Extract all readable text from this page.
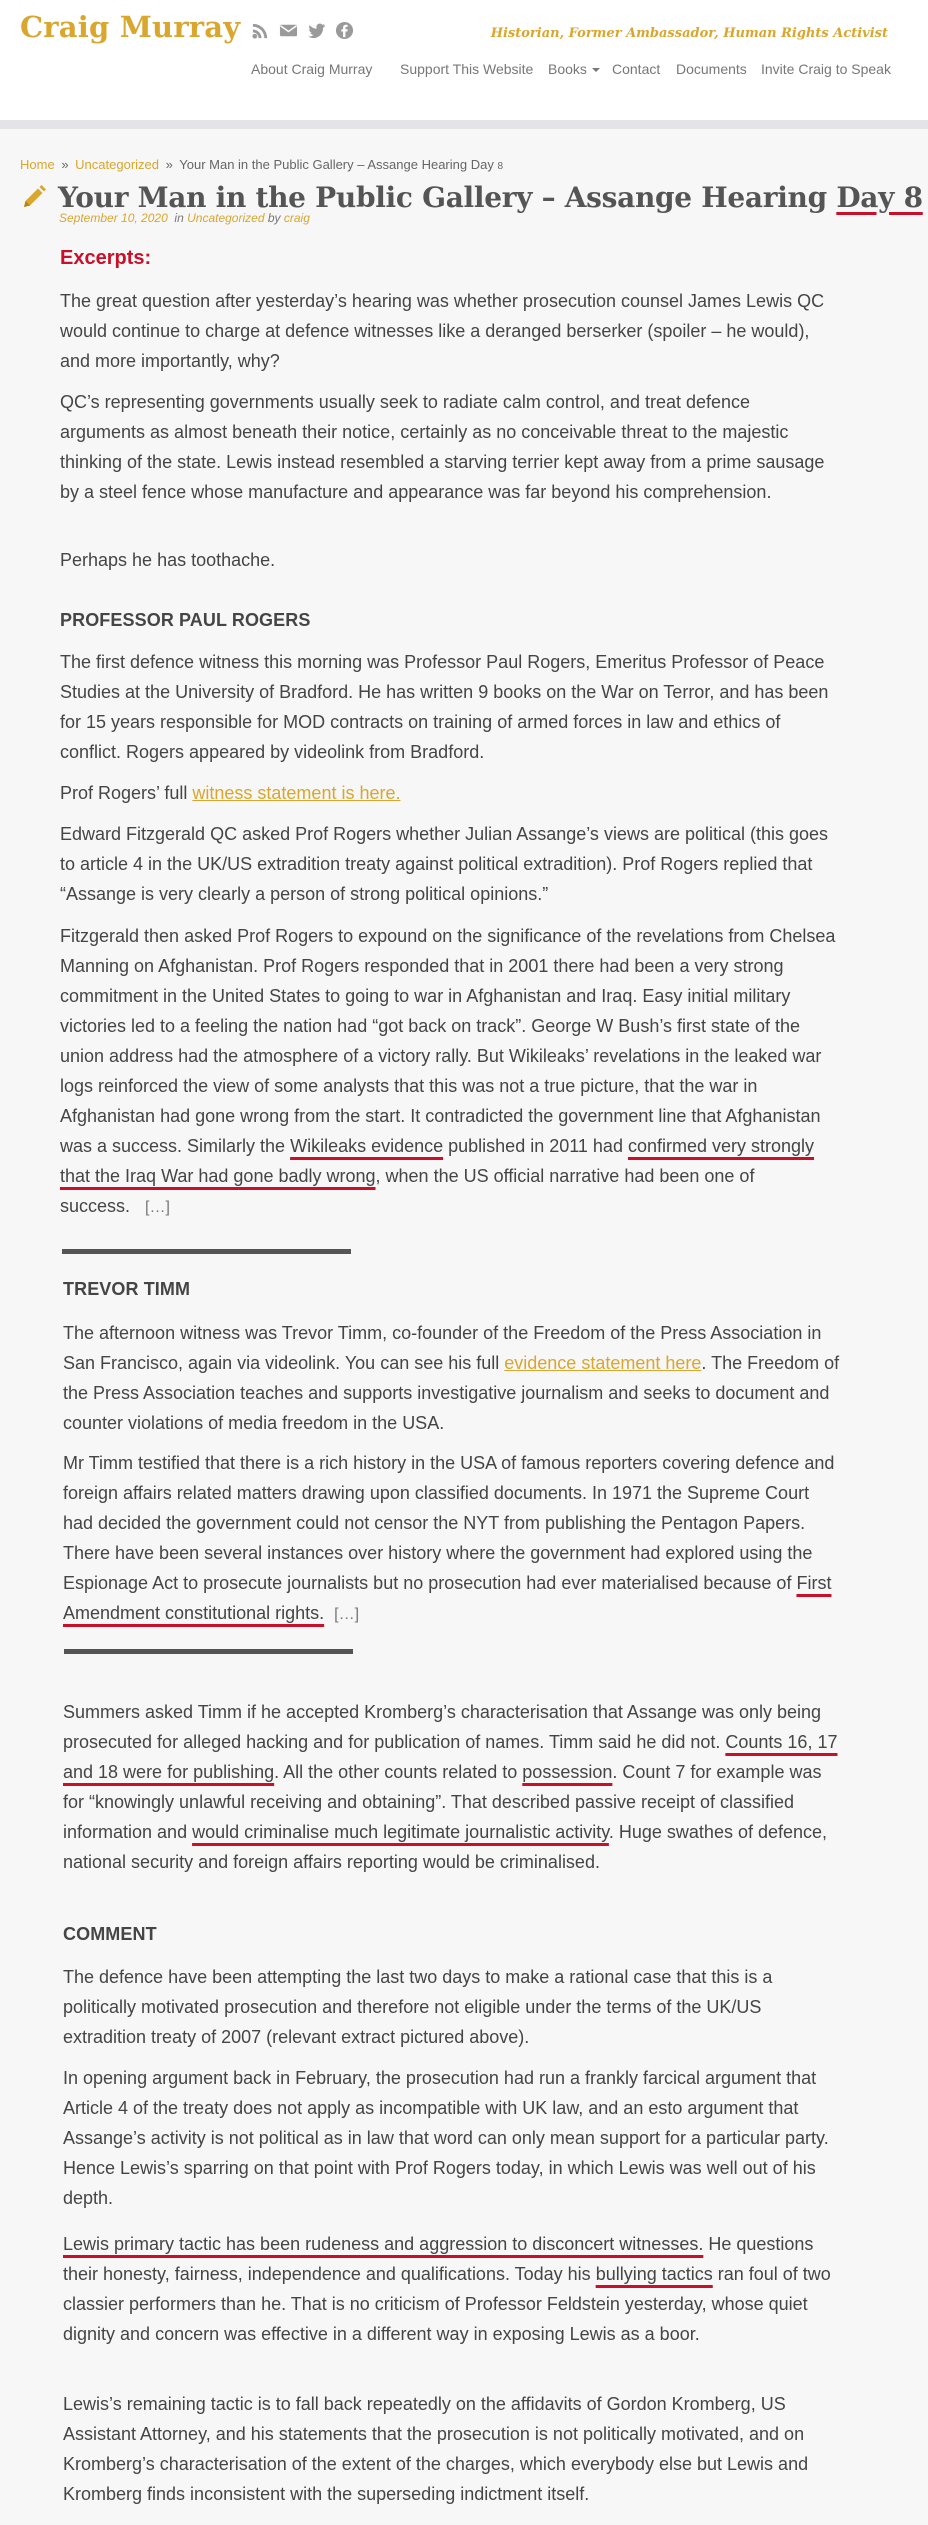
Craig Murray	Historian, Former Ambassador, Human Rights Activist
About Craig Murray Support This Website Books	Contact Documents Invite Craig to Speak
Home » Uncategorized » Your Man in the Public Gallery – Assange Hearing Day 8
Your Man in the Public Gallery – Assange Hearing Day 8
September 10, 2020 in Uncategorized by craig
Excerpts:

The great question after yesterday’s hearing was whether prosecution counsel James Lewis QC would continue to charge at defence witnesses like a deranged berserker (spoiler – he would), and more importantly, why?

QC’s representing governments usually seek to radiate calm control, and treat defence arguments as almost beneath their notice, certainly as no conceivable threat to the majestic thinking of the state. Lewis instead resembled a starving terrier kept away from a prime sausage by a steel fence whose manufacture and appearance was far beyond his comprehension.

Perhaps he has toothache.

PROFESSOR PAUL ROGERS

The first defence witness this morning was Professor Paul Rogers, Emeritus Professor of Peace Studies at the University of Bradford. He has written 9 books on the War on Terror, and has been for 15 years responsible for MOD contracts on training of armed forces in law and ethics of conflict. Rogers appeared by videolink from Bradford.

Prof Rogers’ full witness statement is here.

Edward Fitzgerald QC asked Prof Rogers whether Julian Assange’s views are political (this goes to article 4 in the UK/US extradition treaty against political extradition). Prof Rogers replied that “Assange is very clearly a person of strong political opinions.”

Fitzgerald then asked Prof Rogers to expound on the significance of the revelations from Chelsea Manning on Afghanistan. Prof Rogers responded that in 2001 there had been a very strong commitment in the United States to going to war in Afghanistan and Iraq. Easy initial military victories led to a feeling the nation had “got back on track”. George W Bush’s first state of the union address had the atmosphere of a victory rally. But Wikileaks’ revelations in the leaked war logs reinforced the view of some analysts that this was not a true picture, that the war in Afghanistan had gone wrong from the start. It contradicted the government line that Afghanistan was a success. Similarly the Wikileaks evidence published in 2011 had confirmed very strongly that the Iraq War had gone badly wrong, when the US official narrative had been one of success. […]

TREVOR TIMM

The afternoon witness was Trevor Timm, co-founder of the Freedom of the Press Association in San Francisco, again via videolink. You can see his full evidence statement here. The Freedom of the Press Association teaches and supports investigative journalism and seeks to document and counter violations of media freedom in the USA.

Mr Timm testified that there is a rich history in the USA of famous reporters covering defence and foreign affairs related matters drawing upon classified documents. In 1971 the Supreme Court had decided the government could not censor the NYT from publishing the Pentagon Papers. There have been several instances over history where the government had explored using the Espionage Act to prosecute journalists but no prosecution had ever materialised because of First Amendment constitutional rights. […]

Summers asked Timm if he accepted Kromberg’s characterisation that Assange was only being prosecuted for alleged hacking and for publication of names. Timm said he did not. Counts 16, 17 and 18 were for publishing. All the other counts related to possession. Count 7 for example was for “knowingly unlawful receiving and obtaining”. That described passive receipt of classified information and would criminalise much legitimate journalistic activity. Huge swathes of defence, national security and foreign affairs reporting would be criminalised.

COMMENT

The defence have been attempting the last two days to make a rational case that this is a politically motivated prosecution and therefore not eligible under the terms of the UK/US extradition treaty of 2007 (relevant extract pictured above).

In opening argument back in February, the prosecution had run a frankly farcical argument that Article 4 of the treaty does not apply as incompatible with UK law, and an esto argument that Assange’s activity is not political as in law that word can only mean support for a particular party. Hence Lewis’s sparring on that point with Prof Rogers today, in which Lewis was well out of his depth.

Lewis primary tactic has been rudeness and aggression to disconcert witnesses. He questions their honesty, fairness, independence and qualifications. Today his bullying tactics ran foul of two classier performers than he. That is no criticism of Professor Feldstein yesterday, whose quiet dignity and concern was effective in a different way in exposing Lewis as a boor.

Lewis’s remaining tactic is to fall back repeatedly on the affidavits of Gordon Kromberg, US Assistant Attorney, and his statements that the prosecution is not politically motivated, and on Kromberg’s characterisation of the extent of the charges, which everybody else but Lewis and Kromberg finds inconsistent with the superseding indictment itself.
